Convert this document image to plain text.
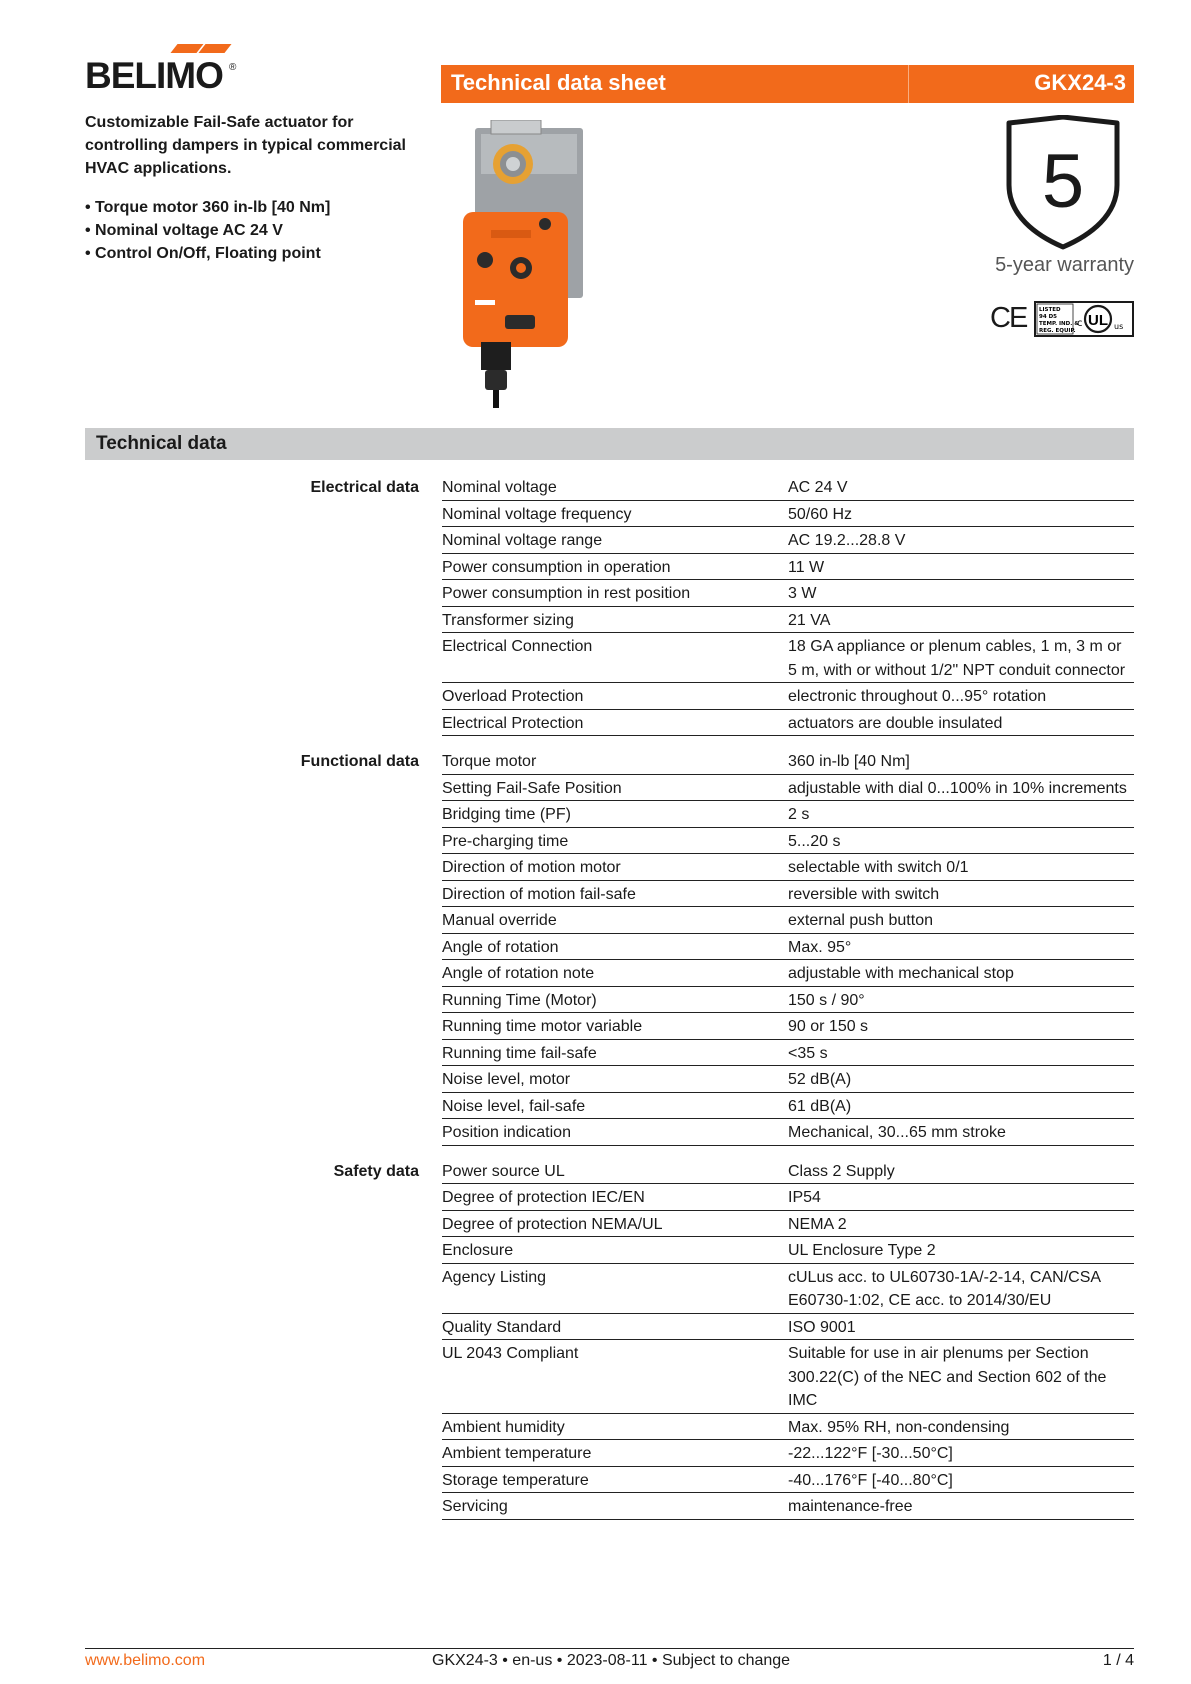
BELIMO ®
Customizable Fail-Safe actuator for controlling dampers in typical commercial HVAC applications.
• Torque motor 360 in-lb [40 Nm]
• Nominal voltage AC 24 V
• Control On/Off, Floating point
Technical data sheet	GKX24-3
5
5-year warranty
CE LISTED
94 D5
TEMP. IND. &
REG. EQUIP.
c UL us
Technical data
Electrical data Nominal voltage	AC 24 V
Nominal voltage frequency	50/60 Hz
Nominal voltage range	AC 19.2...28.8 V
Power consumption in operation	11 W
Power consumption in rest position	3 W
Transformer sizing	21 VA
Electrical Connection	18 GA appliance or plenum cables, 1 m, 3 m or 5 m, with or without 1/2" NPT conduit connector
Overload Protection	electronic throughout 0...95° rotation
Electrical Protection	actuators are double insulated
Functional data Torque motor	360 in-lb [40 Nm]
Setting Fail-Safe Position	adjustable with dial 0...100% in 10% increments
Bridging time (PF)	2 s
Pre-charging time	5...20 s
Direction of motion motor	selectable with switch 0/1
Direction of motion fail-safe	reversible with switch
Manual override	external push button
Angle of rotation	Max. 95°
Angle of rotation note	adjustable with mechanical stop
Running Time (Motor)	150 s / 90°
Running time motor variable	90 or 150 s
Running time fail-safe	<35 s
Noise level, motor	52 dB(A)
Noise level, fail-safe	61 dB(A)
Position indication	Mechanical, 30...65 mm stroke
Safety data Power source UL	Class 2 Supply
Degree of protection IEC/EN	IP54
Degree of protection NEMA/UL	NEMA 2
Enclosure	UL Enclosure Type 2
Agency Listing	cULus acc. to UL60730-1A/-2-14, CAN/CSA E60730-1:02, CE acc. to 2014/30/EU
Quality Standard	ISO 9001
UL 2043 Compliant	Suitable for use in air plenums per Section 300.22(C) of the NEC and Section 602 of the IMC
Ambient humidity	Max. 95% RH, non-condensing
Ambient temperature	-22...122°F [-30...50°C]
Storage temperature	-40...176°F [-40...80°C]
Servicing	maintenance-free
www.belimo.com	GKX24-3 • en-us • 2023-08-11 • Subject to change	1 / 4
